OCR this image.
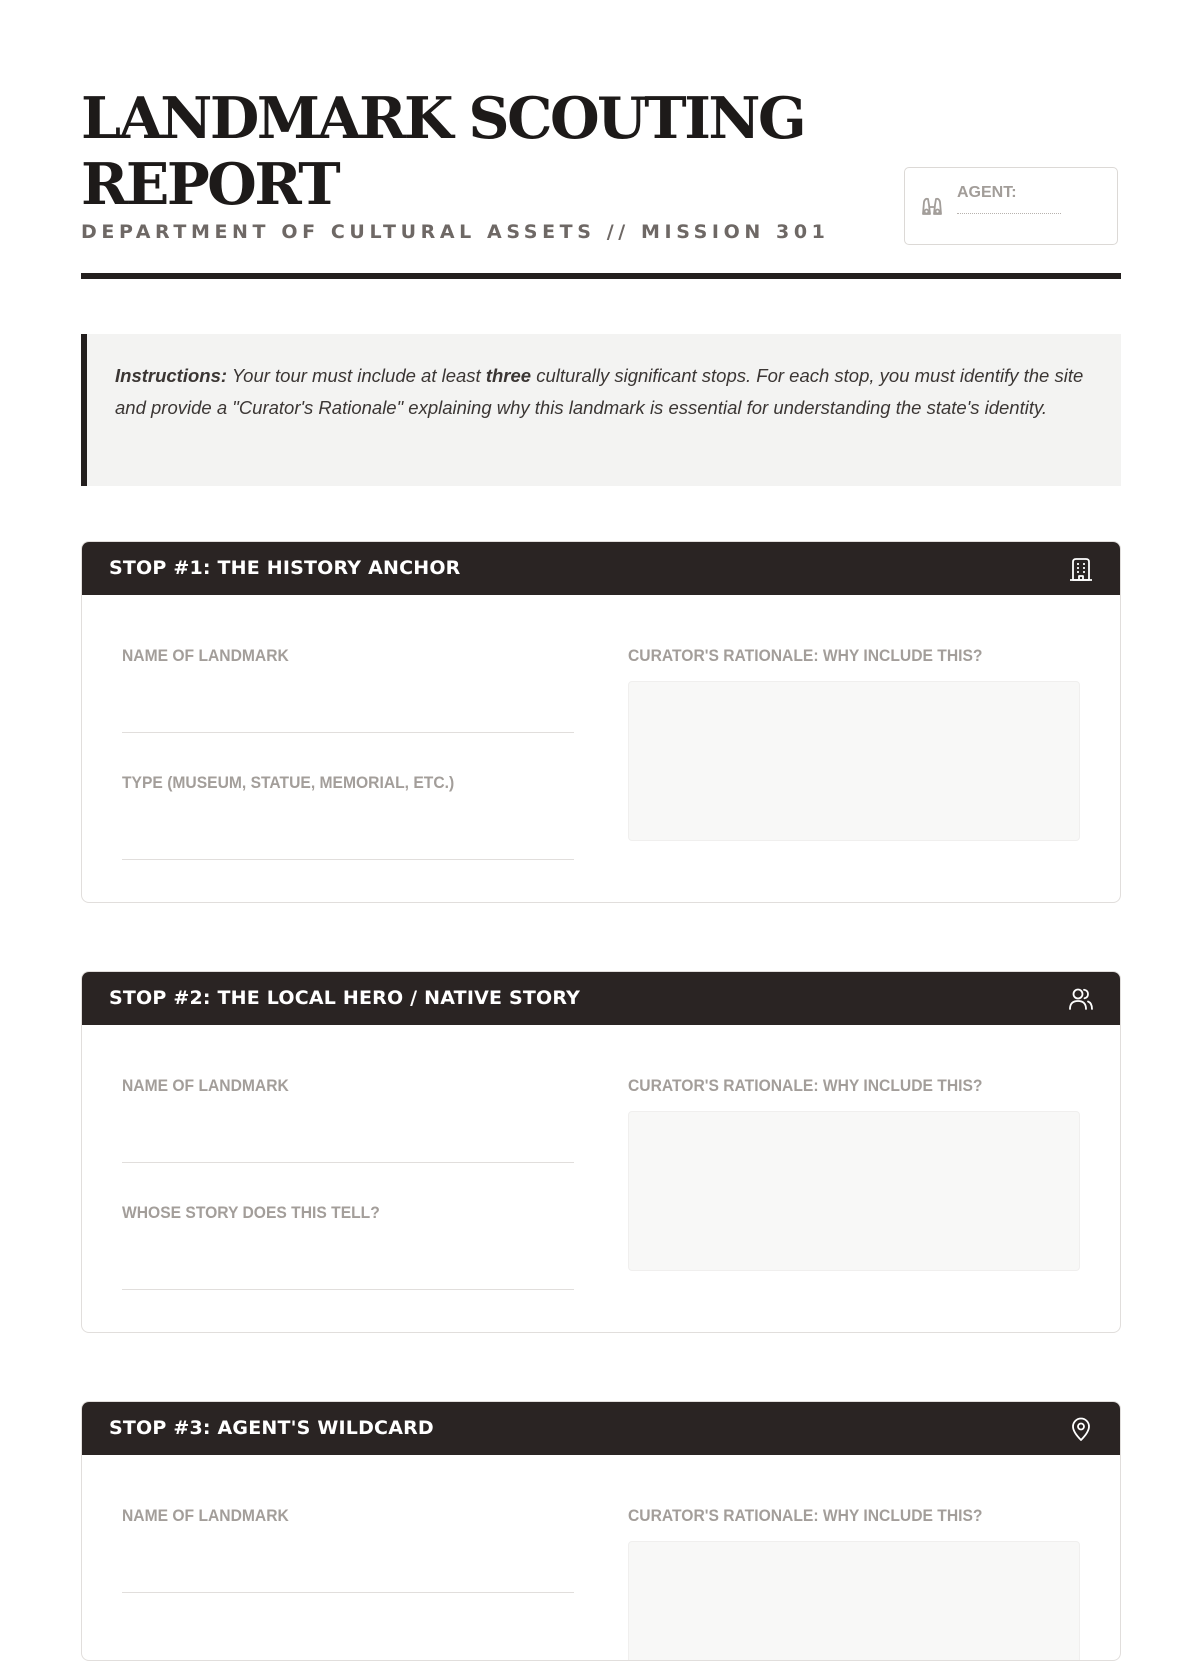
LANDMARK SCOUTING REPORT
DEPARTMENT OF CULTURAL ASSETS // MISSION 301
AGENT:
Instructions: Your tour must include at least three culturally significant stops. For each stop, you must identify the site and provide a "Curator's Rationale" explaining why this landmark is essential for understanding the state's identity.
STOP #1: THE HISTORY ANCHOR
NAME OF LANDMARK
TYPE (MUSEUM, STATUE, MEMORIAL, ETC.)
CURATOR'S RATIONALE: WHY INCLUDE THIS?
STOP #2: THE LOCAL HERO / NATIVE STORY
NAME OF LANDMARK
WHOSE STORY DOES THIS TELL?
CURATOR'S RATIONALE: WHY INCLUDE THIS?
STOP #3: AGENT'S WILDCARD
NAME OF LANDMARK	CURATOR'S RATIONALE: WHY INCLUDE THIS?
